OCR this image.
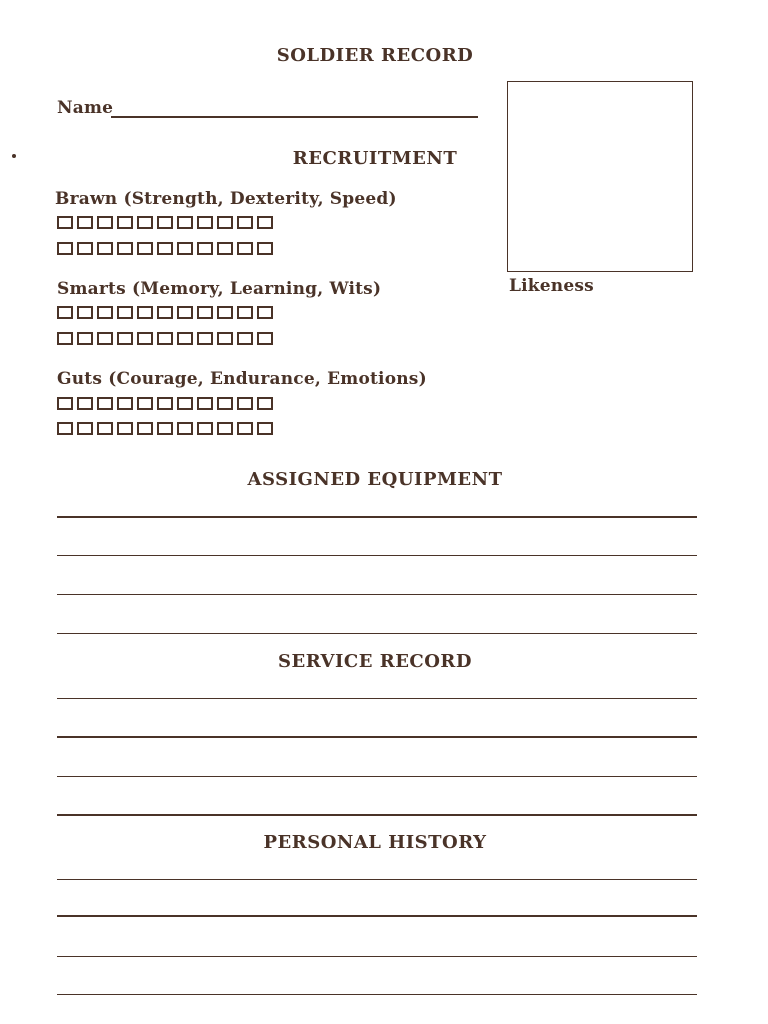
SOLDIER RECORD
Name
Likeness
RECRUITMENT
Brawn (Strength, Dexterity, Speed)
Smarts (Memory, Learning, Wits)
Guts (Courage, Endurance, Emotions)
ASSIGNED EQUIPMENT
SERVICE RECORD
PERSONAL HISTORY
